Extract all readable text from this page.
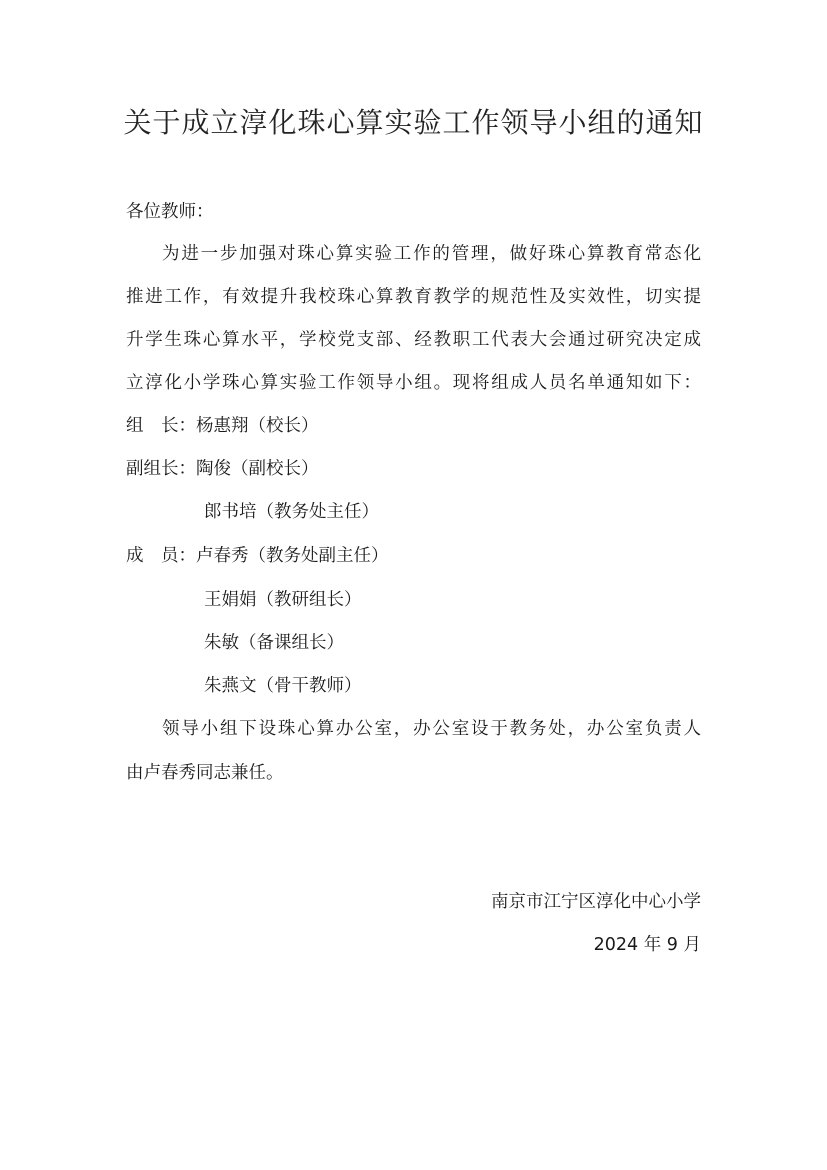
关于成立淳化珠心算实验工作领导小组的通知
各位教师：
为进一步加强对珠心算实验工作的管理，做好珠心算教育常态化
推进工作，有效提升我校珠心算教育教学的规范性及实效性，切实提
升学生珠心算水平，学校党支部、经教职工代表大会通过研究决定成
立淳化小学珠心算实验工作领导小组。现将组成人员名单通知如下：
组　长：杨惠翔（校长）
副组长：陶俊（副校长）
郎书培（教务处主任）
成　员：卢春秀（教务处副主任）
王娟娟（教研组长）
朱敏（备课组长）
朱燕文（骨干教师）
领导小组下设珠心算办公室，办公室设于教务处，办公室负责人
由卢春秀同志兼任。
南京市江宁区淳化中心小学
2024 年 9 月
